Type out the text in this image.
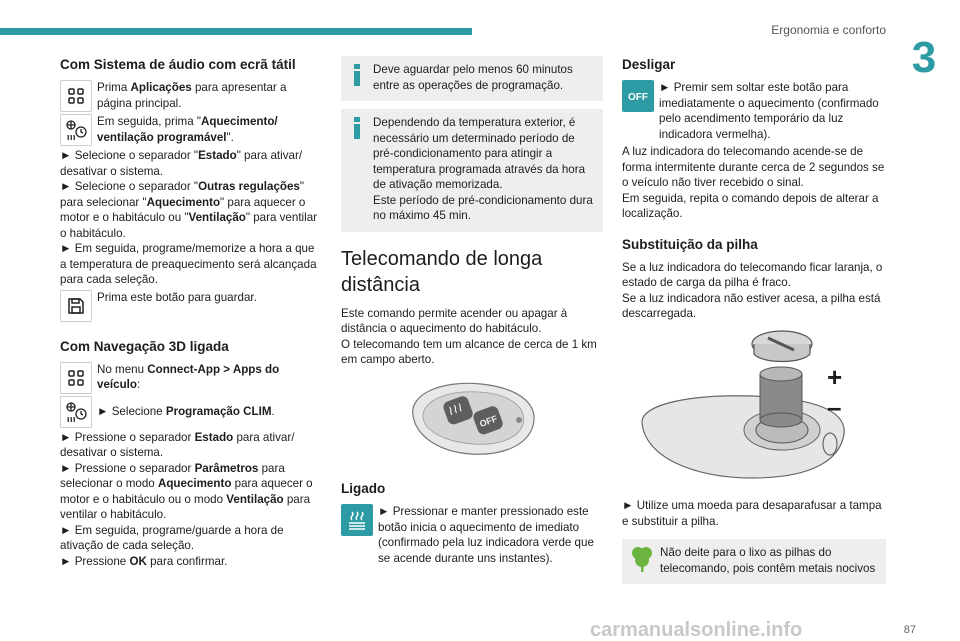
Ergonomia e conforto
3
Com Sistema de áudio com ecrã tátil

Prima Aplicações para apresentar a página principal.

Em seguida, prima "Aquecimento/ ventilação programável".

► Selecione o separador "Estado" para ativar/ desativar o sistema.

► Selecione o separador "Outras regulações" para selecionar "Aquecimento" para aquecer o motor e o habitáculo ou "Ventilação" para ventilar o habitáculo.

► Em seguida, programe/memorize a hora a que a temperatura de preaquecimento será alcançada para cada seleção.

Prima este botão para guardar.

Com Navegação 3D ligada

No menu Connect-App > Apps do veículo:

► Selecione Programação CLIM.

► Pressione o separador Estado para ativar/ desativar o sistema.

► Pressione o separador Parâmetros para selecionar o modo Aquecimento para aquecer o motor e o habitáculo ou o modo Ventilação para ventilar o habitáculo.

► Em seguida, programe/guarde a hora de ativação de cada seleção.

► Pressione OK para confirmar.

Deve aguardar pelo menos 60 minutos entre as operações de programação.

Dependendo da temperatura exterior, é necessário um determinado período de pré-condicionamento para atingir a temperatura programada através da hora de ativação memorizada.

Este período de pré-condicionamento dura no máximo 45 min.

Telecomando de longa distância

Este comando permite acender ou apagar à distância o aquecimento do habitáculo.

O telecomando tem um alcance de cerca de 1 km em campo aberto.

OFF
Ligado

► Pressionar e manter pressionado este botão inicia o aquecimento de imediato (confirmado pela luz indicadora verde que se acende durante uns instantes).

Desligar
OFF

► Premir sem soltar este botão para imediatamente o aquecimento (confirmado pelo acendimento temporário da luz indicadora vermelha).

A luz indicadora do telecomando acende-se de forma intermitente durante cerca de 2 segundos se o veículo não tiver recebido o sinal.

Em seguida, repita o comando depois de alterar a localização.

Substituição da pilha

Se a luz indicadora do telecomando ficar laranja, o estado de carga da pilha é fraco.

Se a luz indicadora não estiver acesa, a pilha está descarregada.

+
–

► Utilize uma moeda para desaparafusar a tampa e substituir a pilha.

Não deite para o lixo as pilhas do telecomando, pois contêm metais nocivos

carmanualsonline.info	87
